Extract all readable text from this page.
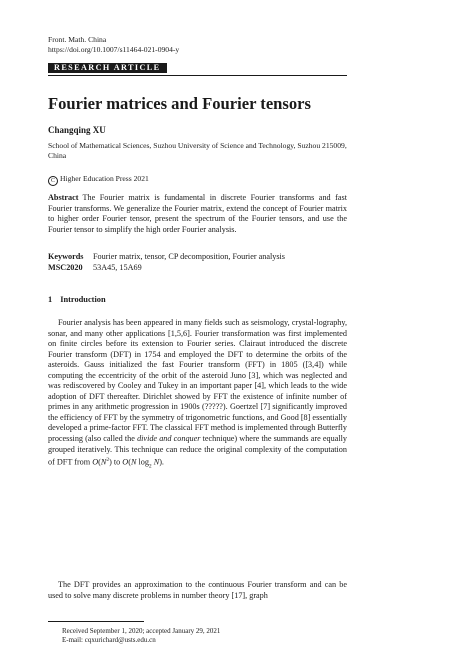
Front. Math. China
https://doi.org/10.1007/s11464-021-0904-y
RESEARCH ARTICLE
Fourier matrices and Fourier tensors
Changqing XU
School of Mathematical Sciences, Suzhou University of Science and Technology, Suzhou 215009, China
C Higher Education Press 2021
Abstract The Fourier matrix is fundamental in discrete Fourier transforms and fast Fourier transforms. We generalize the Fourier matrix, extend the concept of Fourier matrix to higher order Fourier tensor, present the spectrum of the Fourier tensors, and use the Fourier tensor to simplify the high order Fourier analysis.
Keywords Fourier matrix, tensor, CP decomposition, Fourier analysis
MSC2020 53A45, 15A69
1 Introduction
Fourier analysis has been appeared in many fields such as seismology, crystal-lography, sonar, and many other applications [1,5,6]. Fourier transformation was first implemented on finite circles before its extension to Fourier series. Clairaut introduced the discrete Fourier transform (DFT) in 1754 and employed the DFT to determine the orbits of the asteroids. Gauss initialized the fast Fourier transform (FFT) in 1805 ([3,4]) while computing the eccentricity of the orbit of the asteroid Juno [3], which was neglected and was rediscovered by Cooley and Tukey in an important paper [4], which leads to the wide adoption of DFT thereafter. Dirichlet showed by FFT the existence of infinite number of primes in any arithmetic progression in 1900s (?????). Goertzel [7] significantly improved the efficiency of FFT by the symmetry of trigonometric functions, and Good [8] essentially developed a prime-factor FFT. The classical FFT method is implemented through Butterfly processing (also called the divide and conquer technique) where the summands are equally grouped iteratively. This technique can reduce the original complexity of the computation of DFT from $O(N^2)$ to O(N $\log_2 N$).
The DFT provides an approximation to the continuous Fourier transform and can be used to solve many discrete problems in number theory [17], graph
Received September 1, 2020; accepted January 29, 2021
E-mail: cqxurichard@usts.edu.cn
